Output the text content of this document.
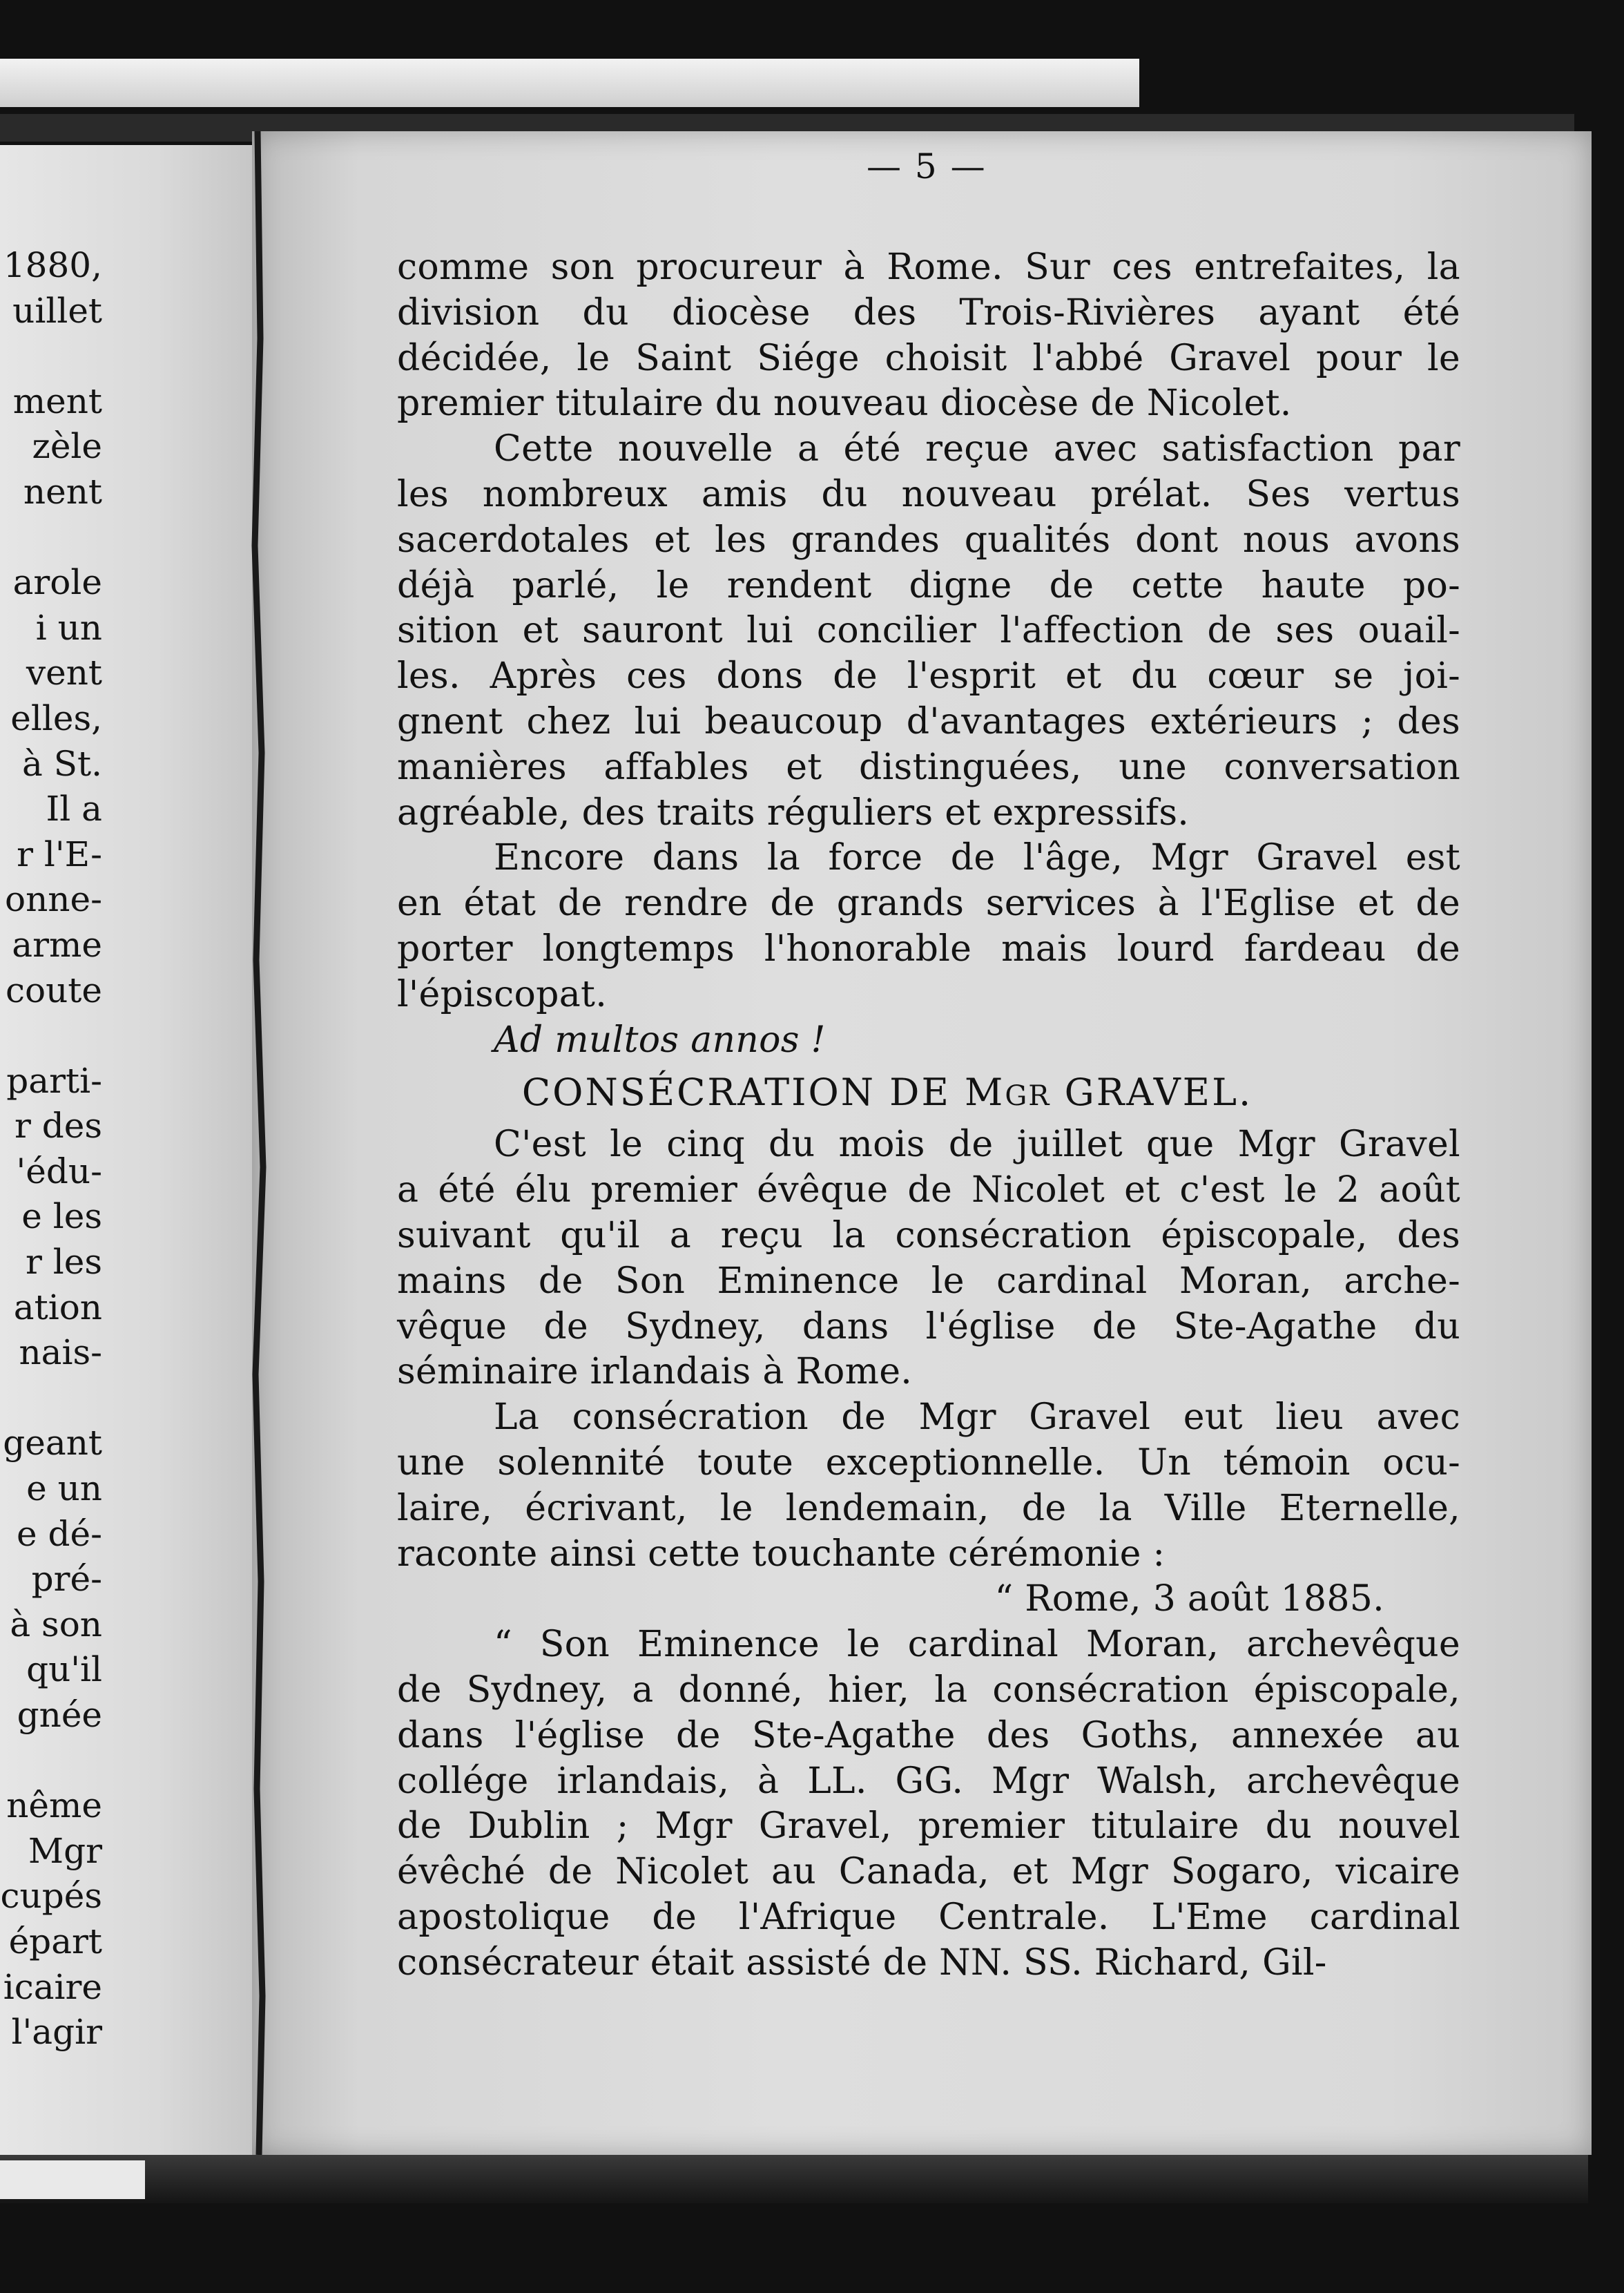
1880,
uillet
ment
zèle
nent
arole
i un
vent
elles,
à St.
Il a
r l'E-
onne-
arme
coute
parti-
r des
'édu-
e les
r les
ation
nais-
geant
e un
e dé-
pré-
à son
qu'il
gnée
nême
Mgr
cupés
épart
icaire
l'agir
— 5 —
comme son procureur à Rome. Sur ces entrefaites, la
division du diocèse des Trois-Rivières ayant été
décidée, le Saint Siége choisit l'abbé Gravel pour le
premier titulaire du nouveau diocèse de Nicolet.
Cette nouvelle a été reçue avec satisfaction par
les nombreux amis du nouveau prélat. Ses vertus
sacerdotales et les grandes qualités dont nous avons
déjà parlé, le rendent digne de cette haute po-
sition et sauront lui concilier l'affection de ses ouail-
les. Après ces dons de l'esprit et du cœur se joi-
gnent chez lui beaucoup d'avantages extérieurs ; des
manières affables et distinguées, une conversation
agréable, des traits réguliers et expressifs.
Encore dans la force de l'âge, Mgr Gravel est
en état de rendre de grands services à l'Eglise et de
porter longtemps l'honorable mais lourd fardeau de
l'épiscopat.
Ad multos annos !
CONSÉCRATION DE MGR GRAVEL.
C'est le cinq du mois de juillet que Mgr Gravel
a été élu premier évêque de Nicolet et c'est le 2 août
suivant qu'il a reçu la consécration épiscopale, des
mains de Son Eminence le cardinal Moran, arche-
vêque de Sydney, dans l'église de Ste-Agathe du
séminaire irlandais à Rome.
La consécration de Mgr Gravel eut lieu avec
une solennité toute exceptionnelle. Un témoin ocu-
laire, écrivant, le lendemain, de la Ville Eternelle,
raconte ainsi cette touchante cérémonie :
“ Rome, 3 août 1885.
“ Son Eminence le cardinal Moran, archevêque
de Sydney, a donné, hier, la consécration épiscopale,
dans l'église de Ste-Agathe des Goths, annexée au
collége irlandais, à LL. GG. Mgr Walsh, archevêque
de Dublin ; Mgr Gravel, premier titulaire du nouvel
évêché de Nicolet au Canada, et Mgr Sogaro, vicaire
apostolique de l'Afrique Centrale. L'Eme cardinal
consécrateur était assisté de NN. SS. Richard, Gil-
